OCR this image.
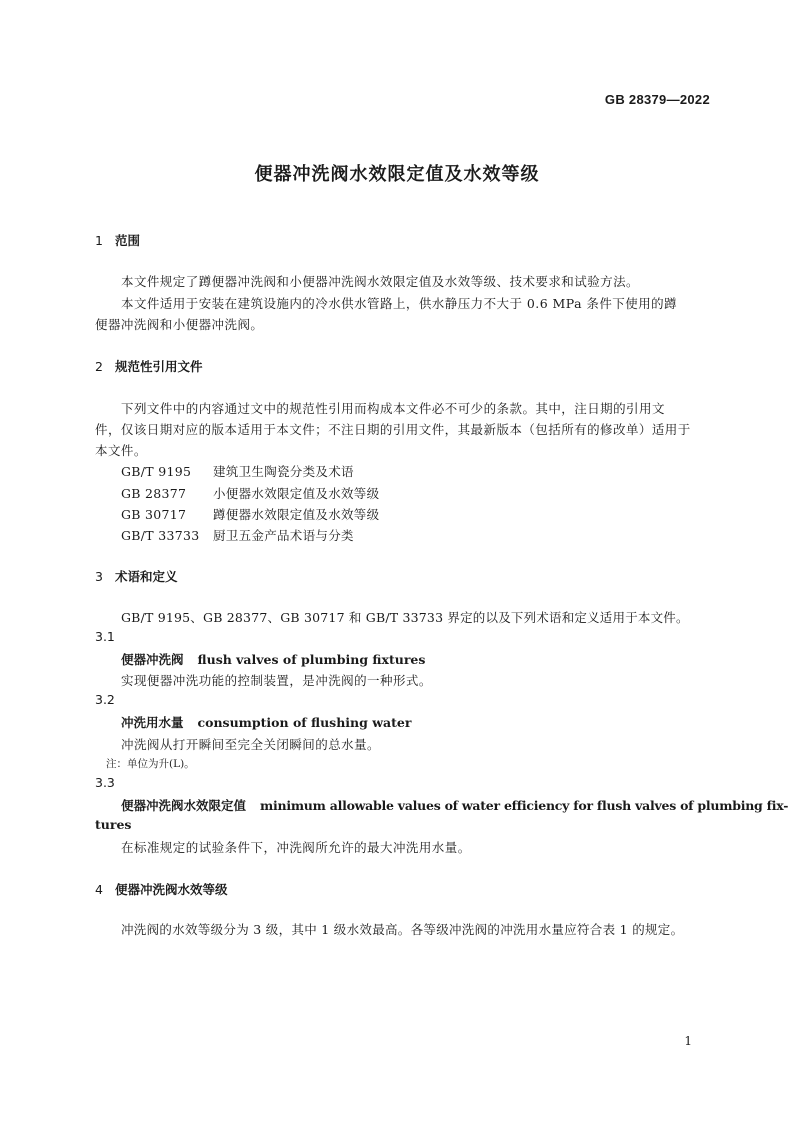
GB 28379—2022
便器冲洗阀水效限定值及水效等级
1 范围
本文件规定了蹲便器冲洗阀和小便器冲洗阀水效限定值及水效等级、技术要求和试验方法。
本文件适用于安装在建筑设施内的冷水供水管路上，供水静压力不大于 0.6 MPa 条件下使用的蹲
便器冲洗阀和小便器冲洗阀。
2 规范性引用文件
下列文件中的内容通过文中的规范性引用而构成本文件必不可少的条款。其中，注日期的引用文
件，仅该日期对应的版本适用于本文件；不注日期的引用文件，其最新版本（包括所有的修改单）适用于
本文件。
GB/T 9195 建筑卫生陶瓷分类及术语
GB 28377 小便器水效限定值及水效等级
GB 30717 蹲便器水效限定值及水效等级
GB/T 33733 厨卫五金产品术语与分类
3 术语和定义
GB/T 9195、GB 28377、GB 30717 和 GB/T 33733 界定的以及下列术语和定义适用于本文件。
3.1
便器冲洗阀 flush valves of plumbing fixtures
实现便器冲洗功能的控制装置，是冲洗阀的一种形式。
3.2
冲洗用水量 consumption of flushing water
冲洗阀从打开瞬间至完全关闭瞬间的总水量。
注：单位为升(L)。
3.3
便器冲洗阀水效限定值 minimum allowable values of water efficiency for flush valves of plumbing fix-
tures
在标准规定的试验条件下，冲洗阀所允许的最大冲洗用水量。
4 便器冲洗阀水效等级
冲洗阀的水效等级分为 3 级，其中 1 级水效最高。各等级冲洗阀的冲洗用水量应符合表 1 的规定。
1
